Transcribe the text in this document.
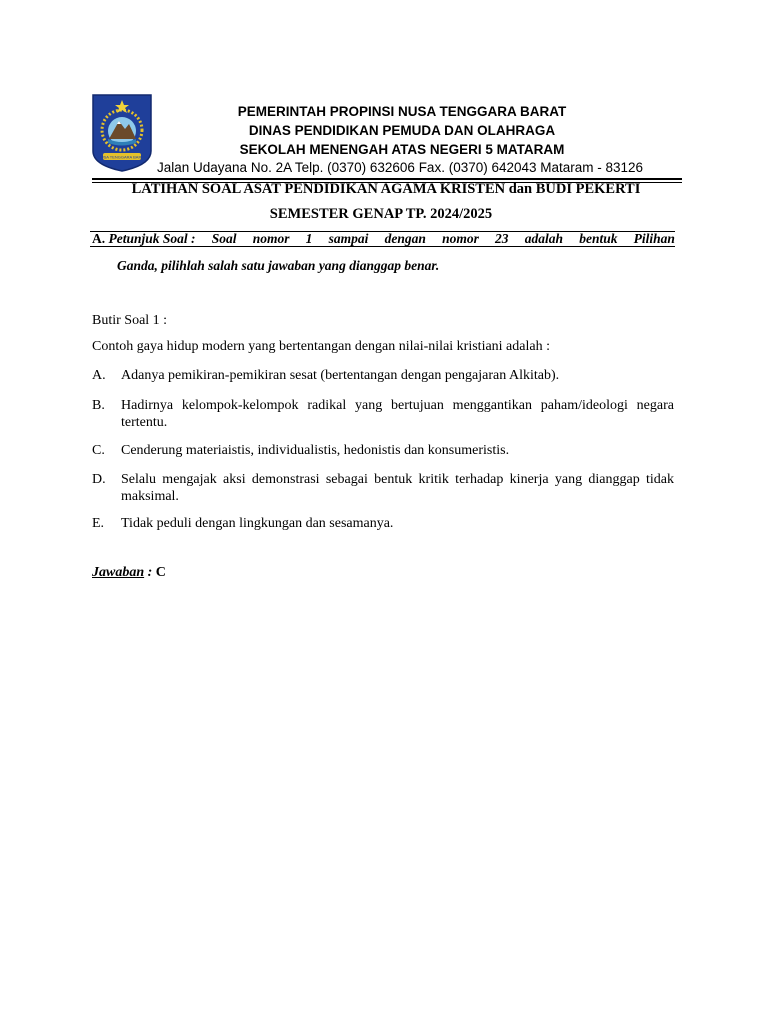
NUSA TENGGARA BARAT
PEMERINTAH PROPINSI NUSA TENGGARA BARAT
DINAS PENDIDIKAN PEMUDA DAN OLAHRAGA
SEKOLAH MENENGAH ATAS NEGERI 5 MATARAM
Jalan Udayana No. 2A Telp. (0370) 632606 Fax. (0370) 642043 Mataram - 83126
LATIHAN SOAL ASAT PENDIDIKAN AGAMA KRISTEN dan BUDI PEKERTI
SEMESTER GENAP TP. 2024/2025
A. Petunjuk Soal : Soal nomor 1 sampai dengan nomor 23 adalah bentuk Pilihan
Ganda, pilihlah salah satu jawaban yang dianggap benar.
Butir Soal 1 :
Contoh gaya hidup modern yang bertentangan dengan nilai-nilai kristiani adalah :
A. Adanya pemikiran-pemikiran sesat (bertentangan dengan pengajaran Alkitab).
B. Hadirnya kelompok-kelompok radikal yang bertujuan menggantikan paham/ideologi negara tertentu.
C. Cenderung materiaistis, individualistis, hedonistis dan konsumeristis.
D. Selalu mengajak aksi demonstrasi sebagai bentuk kritik terhadap kinerja yang dianggap tidak maksimal.
E. Tidak peduli dengan lingkungan dan sesamanya.
Jawaban : C
